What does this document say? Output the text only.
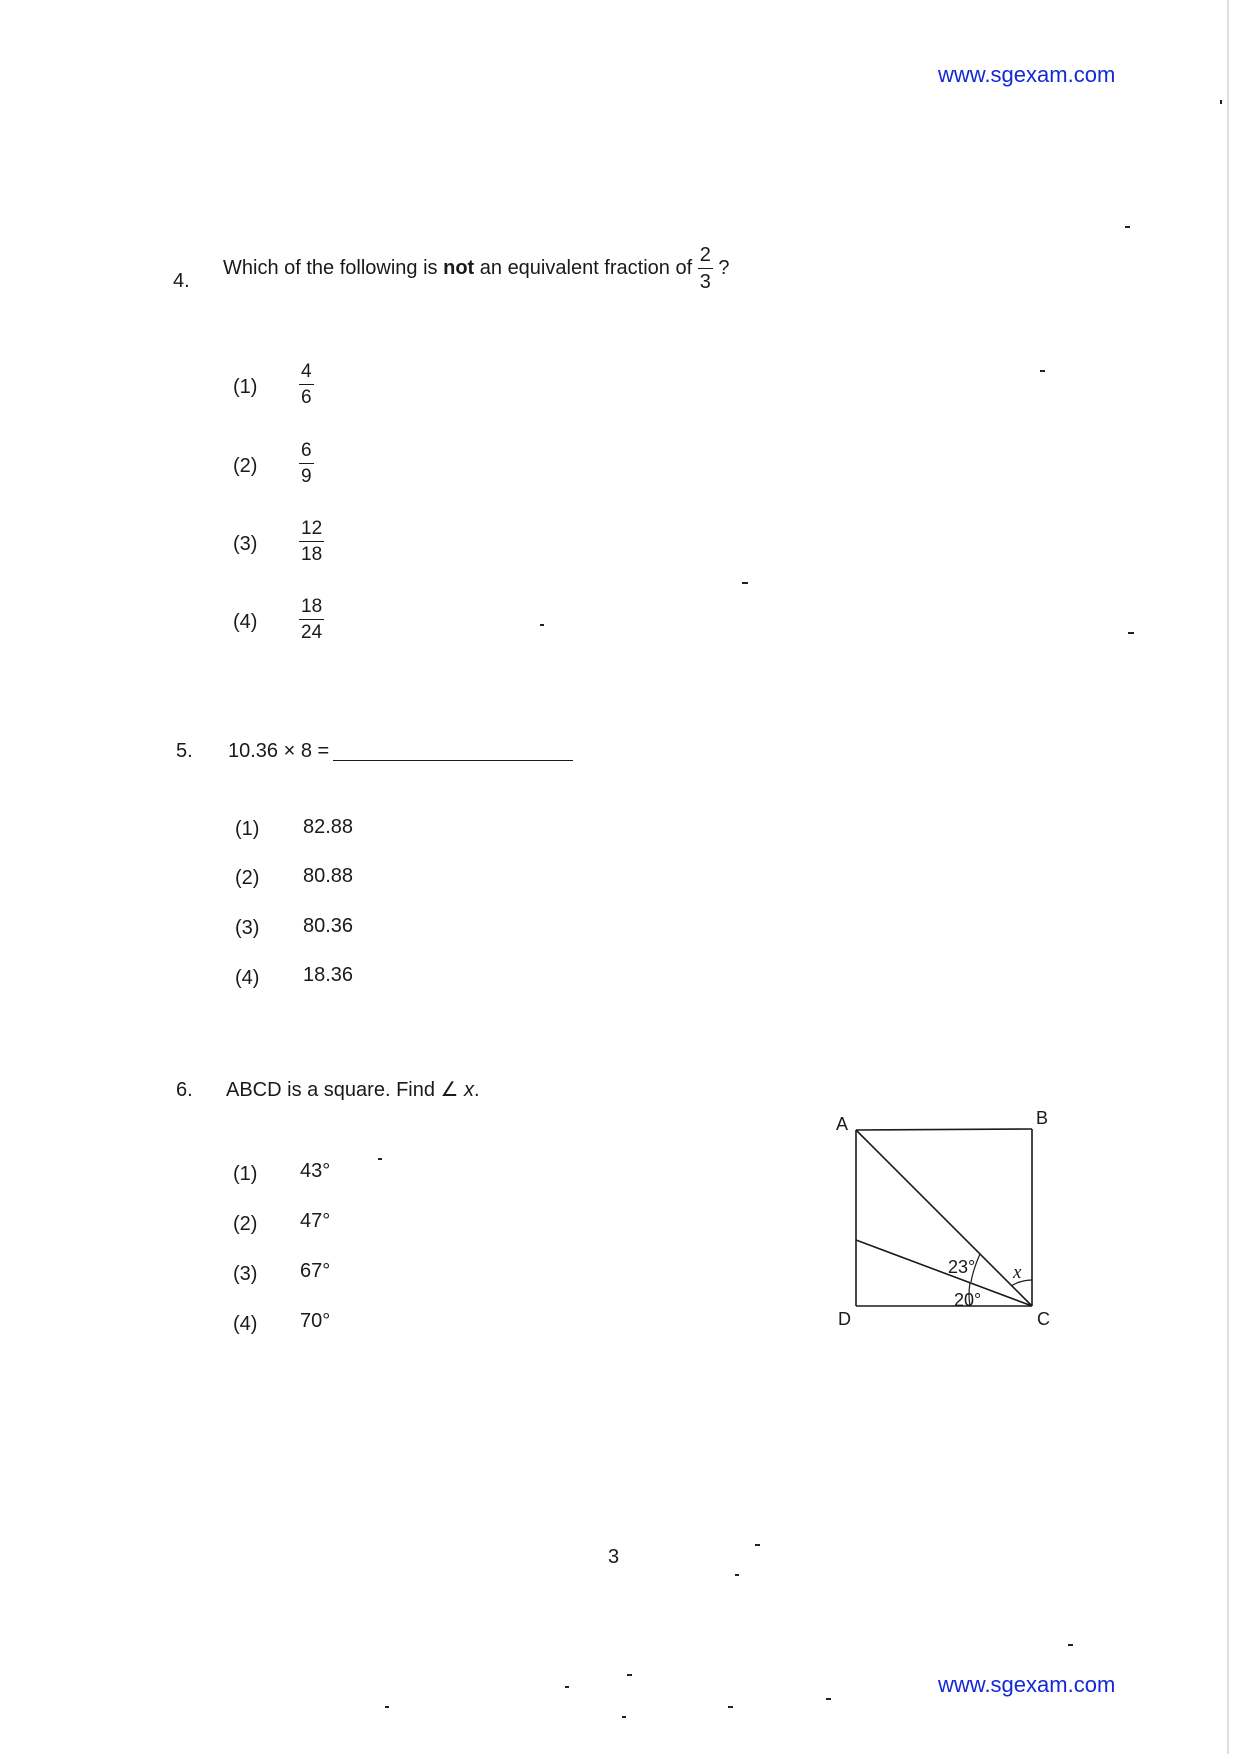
www.sgexam.com
4.
Which of the following is not an equivalent fraction of $\frac{2}{3}$ ?
$(1) \frac{4}{6}$
$(2) \frac{6}{9}$
$(3) \frac{12}{18}$
$(4) \frac{18}{24}$
5. 10.36 × 8 =
(1) 82.88
(2) 80.88
(3) 80.36
(4) 18.36
6. ABCD is a square. Find ∠ x.
(1) 43°
(2) 47°
(3) 67°
(4) 70°
A	B
C
D
23°
20°
x
3
www.sgexam.com
